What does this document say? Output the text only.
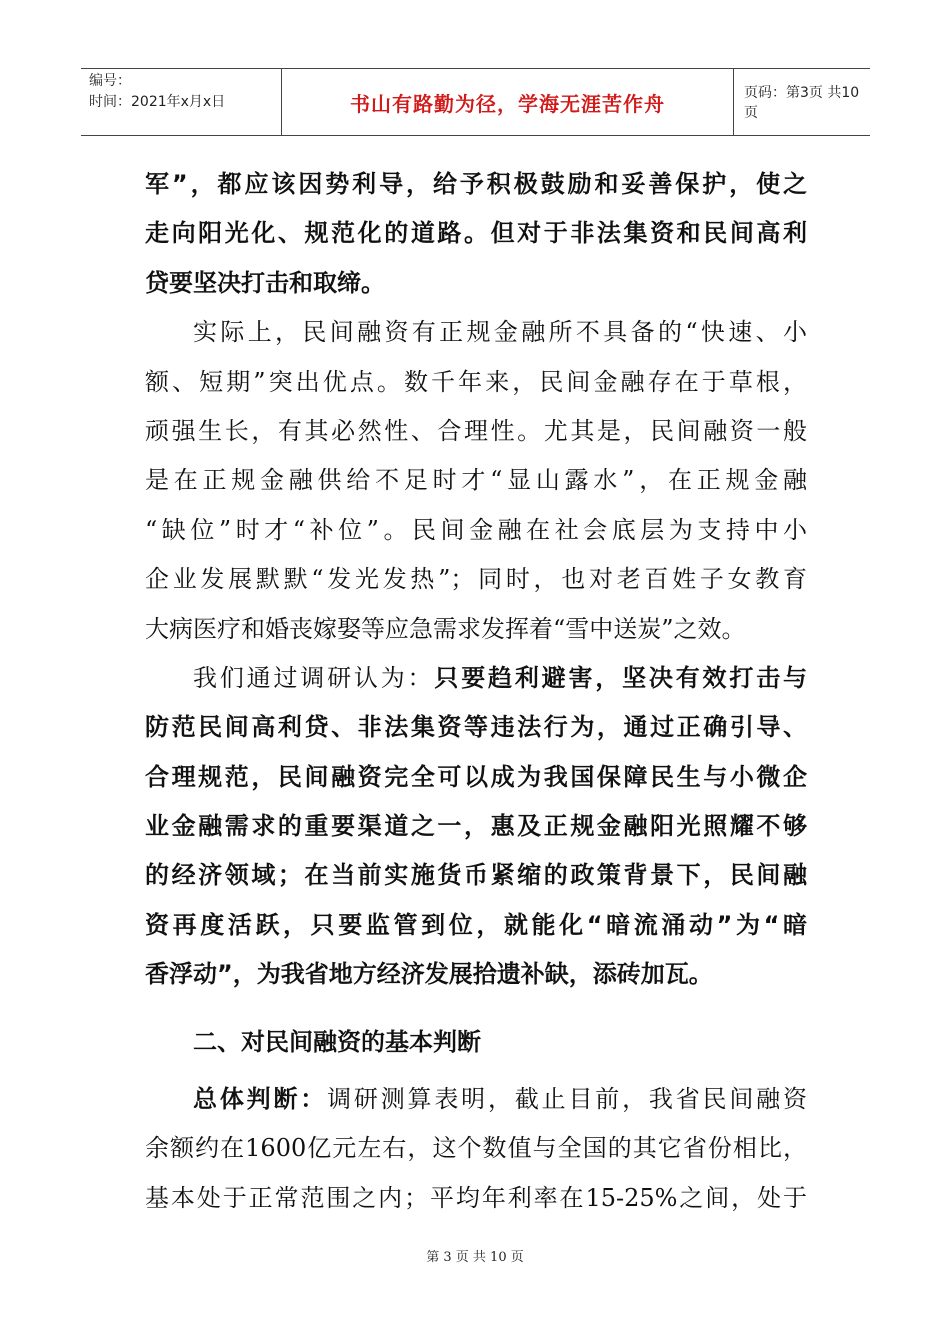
编号：
时间：2021年x月x日	书山有路勤为径，学海无涯苦作舟	页码：第3页 共10页
军”，都应该因势利导，给予积极鼓励和妥善保护，使之
走向阳光化、规范化的道路。但对于非法集资和民间高利
贷要坚决打击和取缔。
实际上，民间融资有正规金融所不具备的“快速、小
额、短期”突出优点。数千年来，民间金融存在于草根，
顽强生长，有其必然性、合理性。尤其是，民间融资一般
是在正规金融供给不足时才“显山露水”，在正规金融
“缺位”时才“补位”。民间金融在社会底层为支持中小
企业发展默默“发光发热”；同时，也对老百姓子女教育
大病医疗和婚丧嫁娶等应急需求发挥着“雪中送炭”之效。
我们通过调研认为：只要趋利避害，坚决有效打击与
防范民间高利贷、非法集资等违法行为，通过正确引导、
合理规范，民间融资完全可以成为我国保障民生与小微企
业金融需求的重要渠道之一，惠及正规金融阳光照耀不够
的经济领域；在当前实施货币紧缩的政策背景下，民间融
资再度活跃，只要监管到位，就能化“暗流涌动”为“暗
香浮动”，为我省地方经济发展拾遗补缺，添砖加瓦。
二、对民间融资的基本判断
总体判断：调研测算表明，截止目前，我省民间融资
余额约在1600亿元左右，这个数值与全国的其它省份相比，
基本处于正常范围之内；平均年利率在15-25%之间，处于
第 3 页 共 10 页
